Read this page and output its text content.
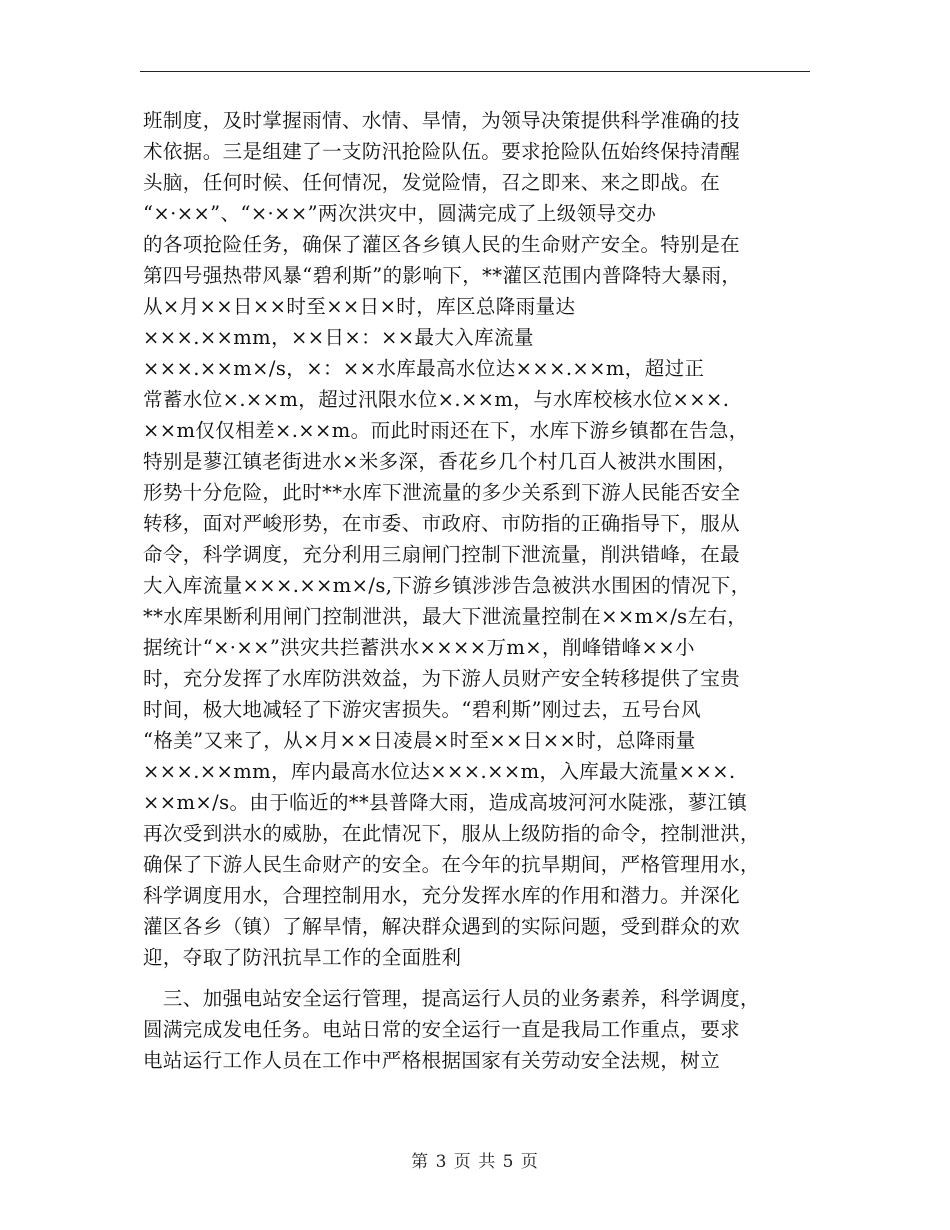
班制度，及时掌握雨情、水情、旱情，为领导决策提供科学准确的技
术依据。三是组建了一支防汛抢险队伍。要求抢险队伍始终保持清醒
头脑，任何时候、任何情况，发觉险情，召之即来、来之即战。在
“×·××”、“×·××”两次洪灾中，圆满完成了上级领导交办
的各项抢险任务，确保了灌区各乡镇人民的生命财产安全。特别是在
第四号强热带风暴“碧利斯”的影响下，**灌区范围内普降特大暴雨，
从×月××日××时至××日×时，库区总降雨量达
×××.××mm，××日×：××最大入库流量
×××.××m×/s，×：××水库最高水位达×××.××m，超过正
常蓄水位×.××m，超过汛限水位×.××m，与水库校核水位×××.
××m仅仅相差×.××m。而此时雨还在下，水库下游乡镇都在告急，
特别是蓼江镇老街进水×米多深，香花乡几个村几百人被洪水围困，
形势十分危险，此时**水库下泄流量的多少关系到下游人民能否安全
转移，面对严峻形势，在市委、市政府、市防指的正确指导下，服从
命令，科学调度，充分利用三扇闸门控制下泄流量，削洪错峰，在最
大入库流量×××.××m×/s,下游乡镇涉涉告急被洪水围困的情况下，
**水库果断利用闸门控制泄洪，最大下泄流量控制在××m×/s左右，
据统计“×·××”洪灾共拦蓄洪水××××万m×，削峰错峰××小
时，充分发挥了水库防洪效益，为下游人员财产安全转移提供了宝贵
时间，极大地减轻了下游灾害损失。“碧利斯”刚过去，五号台风
“格美”又来了，从×月××日凌晨×时至××日××时，总降雨量
×××.××mm，库内最高水位达×××.××m，入库最大流量×××.
××m×/s。由于临近的**县普降大雨，造成高坡河河水陡涨，蓼江镇
再次受到洪水的威胁，在此情况下，服从上级防指的命令，控制泄洪，
确保了下游人民生命财产的安全。在今年的抗旱期间，严格管理用水，
科学调度用水，合理控制用水，充分发挥水库的作用和潜力。并深化
灌区各乡（镇）了解旱情，解决群众遇到的实际问题，受到群众的欢
迎，夺取了防汛抗旱工作的全面胜利
　三、加强电站安全运行管理，提高运行人员的业务素养，科学调度，
圆满完成发电任务。电站日常的安全运行一直是我局工作重点，要求
电站运行工作人员在工作中严格根据国家有关劳动安全法规，树立
第 3 页 共 5 页
